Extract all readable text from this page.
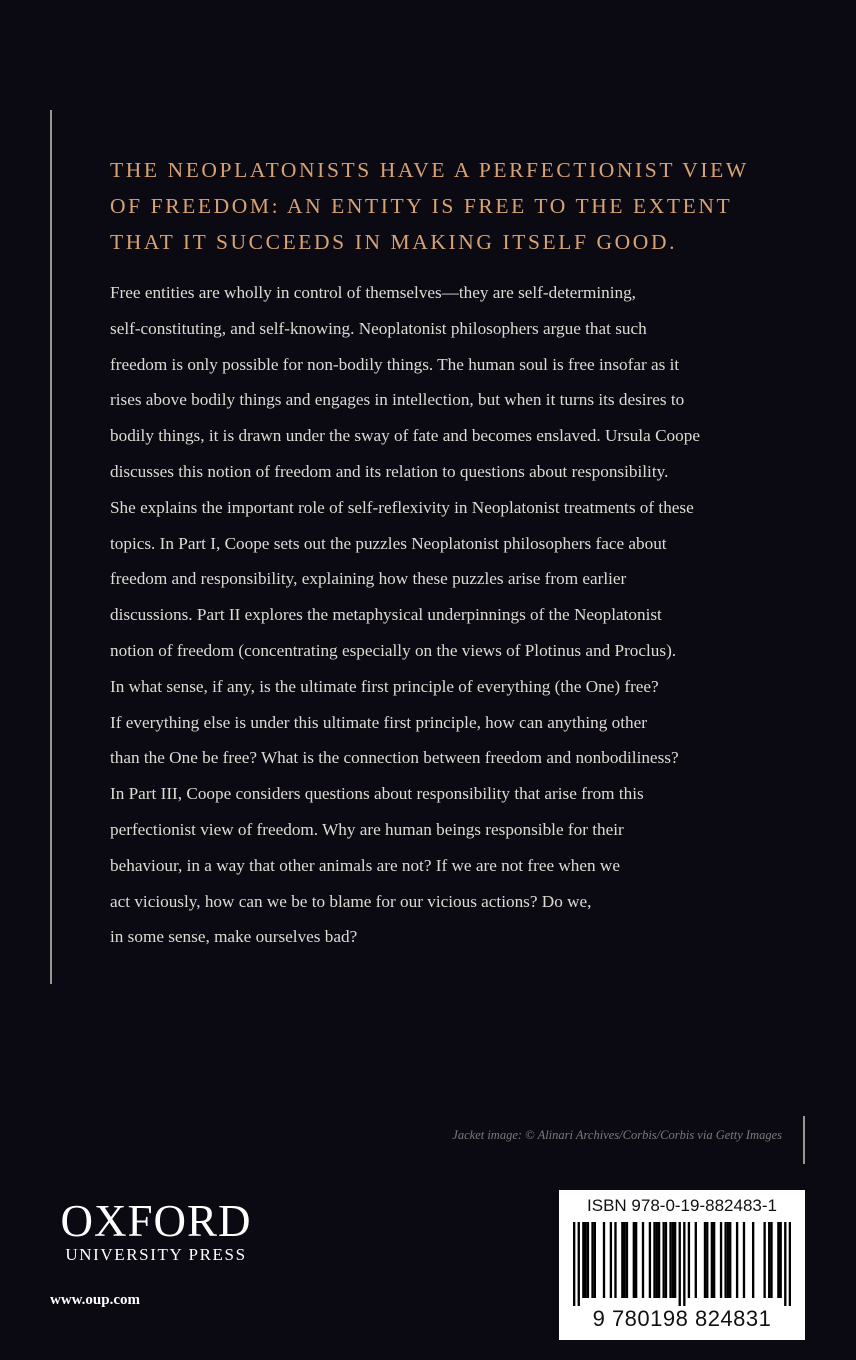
THE NEOPLATONISTS HAVE A PERFECTIONIST VIEW
OF FREEDOM: AN ENTITY IS FREE TO THE EXTENT
THAT IT SUCCEEDS IN MAKING ITSELF GOOD.
Free entities are wholly in control of themselves—they are self-determining,
self-constituting, and self-knowing. Neoplatonist philosophers argue that such
freedom is only possible for non-bodily things. The human soul is free insofar as it
rises above bodily things and engages in intellection, but when it turns its desires to
bodily things, it is drawn under the sway of fate and becomes enslaved. Ursula Coope
discusses this notion of freedom and its relation to questions about responsibility.
She explains the important role of self-reflexivity in Neoplatonist treatments of these
topics. In Part I, Coope sets out the puzzles Neoplatonist philosophers face about
freedom and responsibility, explaining how these puzzles arise from earlier
discussions. Part II explores the metaphysical underpinnings of the Neoplatonist
notion of freedom (concentrating especially on the views of Plotinus and Proclus).
In what sense, if any, is the ultimate first principle of everything (the One) free?
If everything else is under this ultimate first principle, how can anything other
than the One be free? What is the connection between freedom and nonbodiliness?
In Part III, Coope considers questions about responsibility that arise from this
perfectionist view of freedom. Why are human beings responsible for their
behaviour, in a way that other animals are not? If we are not free when we
act viciously, how can we be to blame for our vicious actions? Do we,
in some sense, make ourselves bad?
Jacket image: © Alinari Archives/Corbis/Corbis via Getty Images
OXFORD
UNIVERSITY PRESS
www.oup.com
ISBN 978-0-19-882483-1
9 780198 824831
